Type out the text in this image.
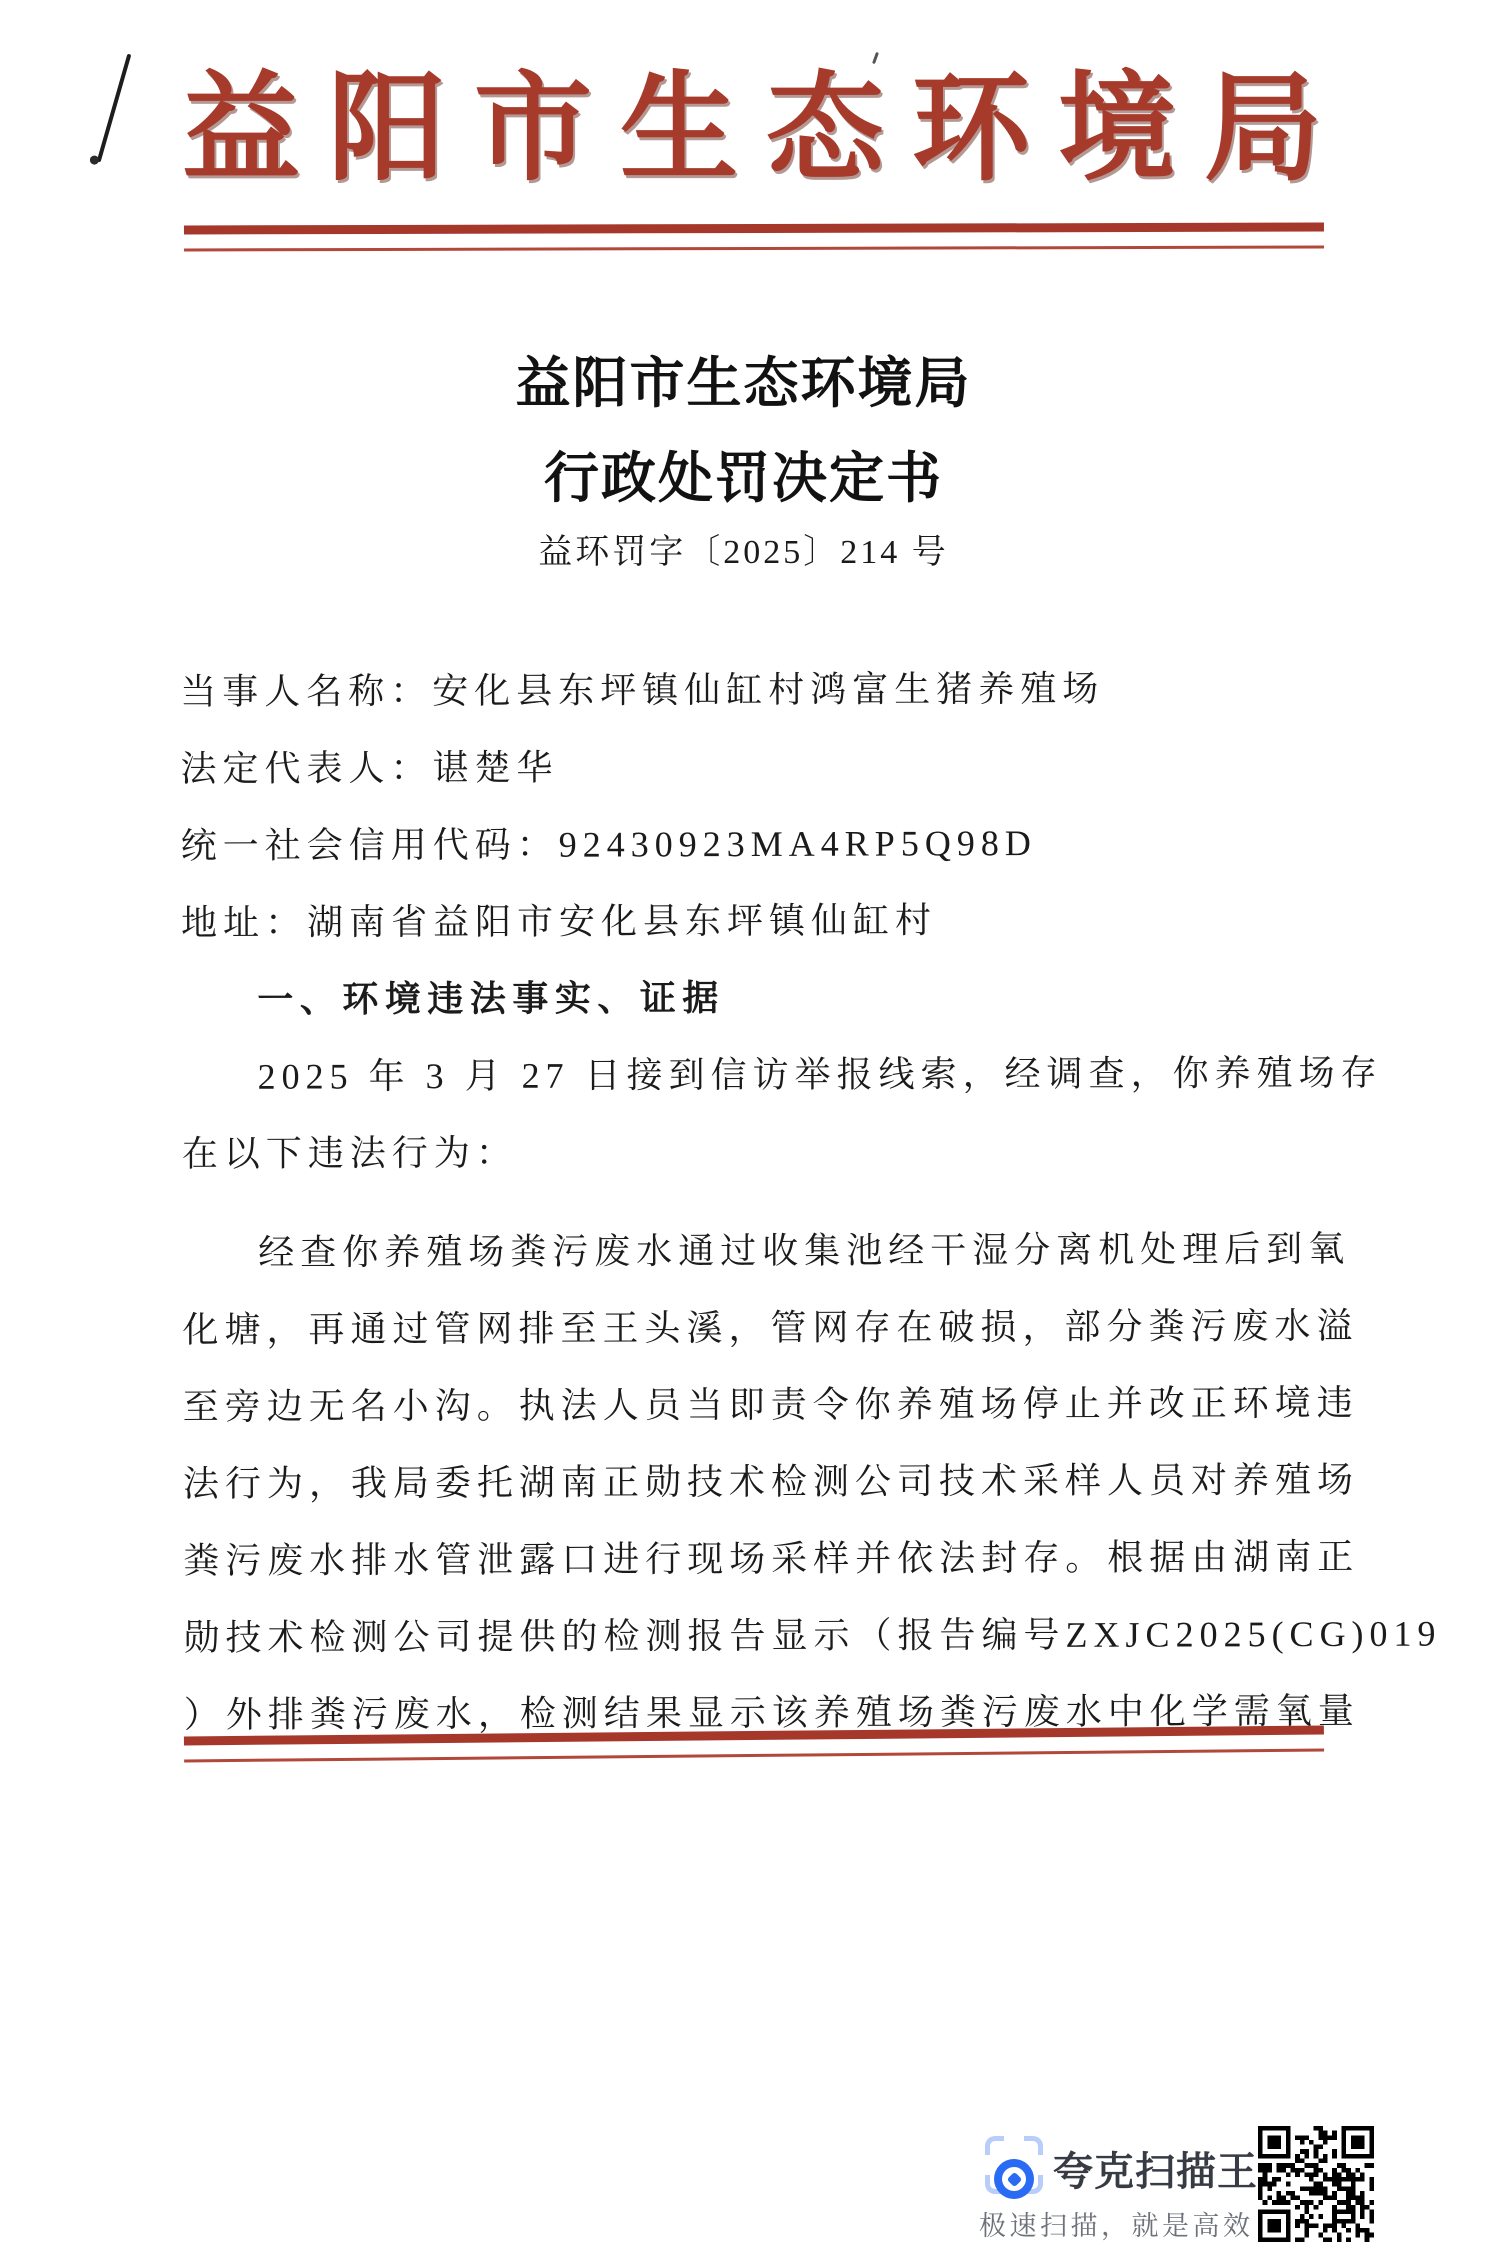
益阳市生态环境局
益阳市生态环境局
行政处罚决定书
益环罚字〔2025〕214 号
当事人名称：安化县东坪镇仙缸村鸿富生猪养殖场
法定代表人：谌楚华
统一社会信用代码：92430923MA4RP5Q98D
地址：湖南省益阳市安化县东坪镇仙缸村
一、环境违法事实、证据
2025 年 3 月 27 日接到信访举报线索，经调查，你养殖场存
在以下违法行为：
经查你养殖场粪污废水通过收集池经干湿分离机处理后到氧
化塘，再通过管网排至王头溪，管网存在破损，部分粪污废水溢
至旁边无名小沟。执法人员当即责令你养殖场停止并改正环境违
法行为，我局委托湖南正勋技术检测公司技术采样人员对养殖场
粪污废水排水管泄露口进行现场采样并依法封存。根据由湖南正
勋技术检测公司提供的检测报告显示（报告编号ZXJC2025(CG)019
）外排粪污废水，检测结果显示该养殖场粪污废水中化学需氧量
夸克扫描王
极速扫描，就是高效
